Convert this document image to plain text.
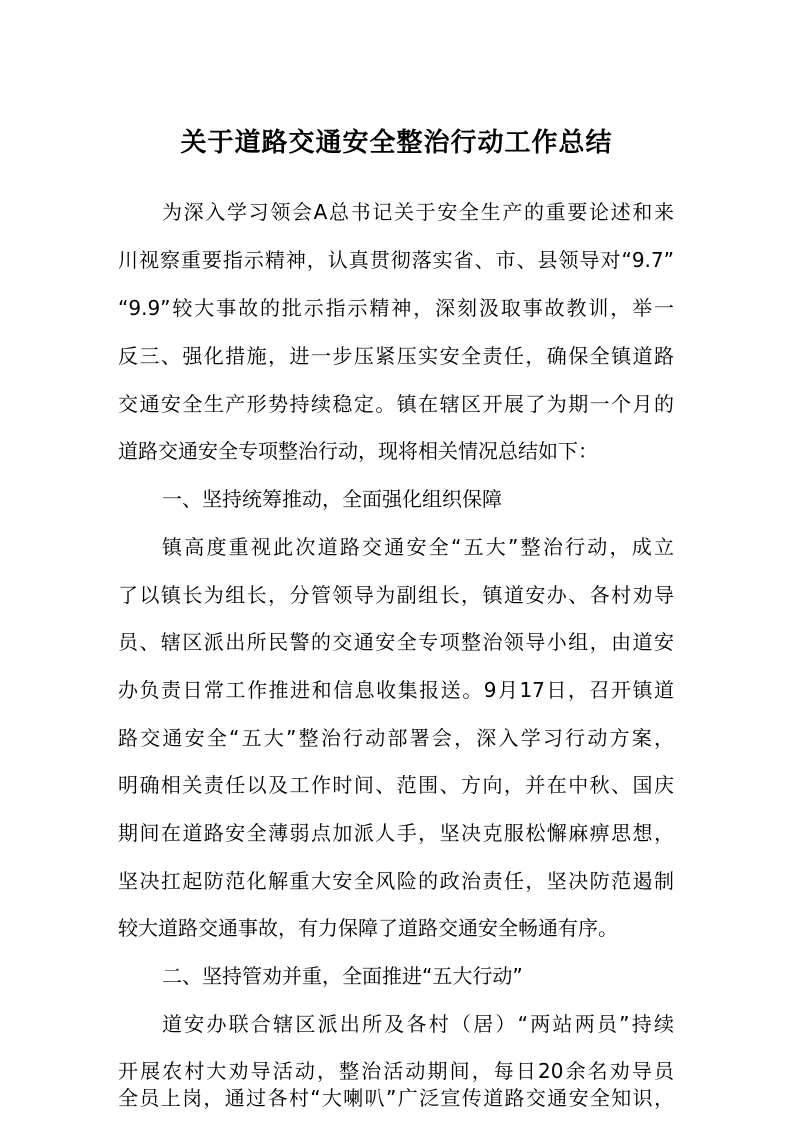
关于道路交通安全整治行动工作总结
为深入学习领会A总书记关于安全生产的重要论述和来
川视察重要指示精神，认真贯彻落实省、市、县领导对“9.7”
“9.9”较大事故的批示指示精神，深刻汲取事故教训，举一
反三、强化措施，进一步压紧压实安全责任，确保全镇道路
交通安全生产形势持续稳定。镇在辖区开展了为期一个月的
道路交通安全专项整治行动，现将相关情况总结如下：
一、坚持统筹推动，全面强化组织保障
镇高度重视此次道路交通安全“五大”整治行动，成立
了以镇长为组长，分管领导为副组长，镇道安办、各村劝导
员、辖区派出所民警的交通安全专项整治领导小组，由道安
办负责日常工作推进和信息收集报送。9月17日，召开镇道
路交通安全“五大”整治行动部署会，深入学习行动方案，
明确相关责任以及工作时间、范围、方向，并在中秋、国庆
期间在道路安全薄弱点加派人手，坚决克服松懈麻痹思想，
坚决扛起防范化解重大安全风险的政治责任，坚决防范遏制
较大道路交通事故，有力保障了道路交通安全畅通有序。
二、坚持管劝并重，全面推进“五大行动”
道安办联合辖区派出所及各村（居）“两站两员”持续
开展农村大劝导活动，整治活动期间，每日20余名劝导员
全员上岗，通过各村“大喇叭”广泛宣传道路交通安全知识，
